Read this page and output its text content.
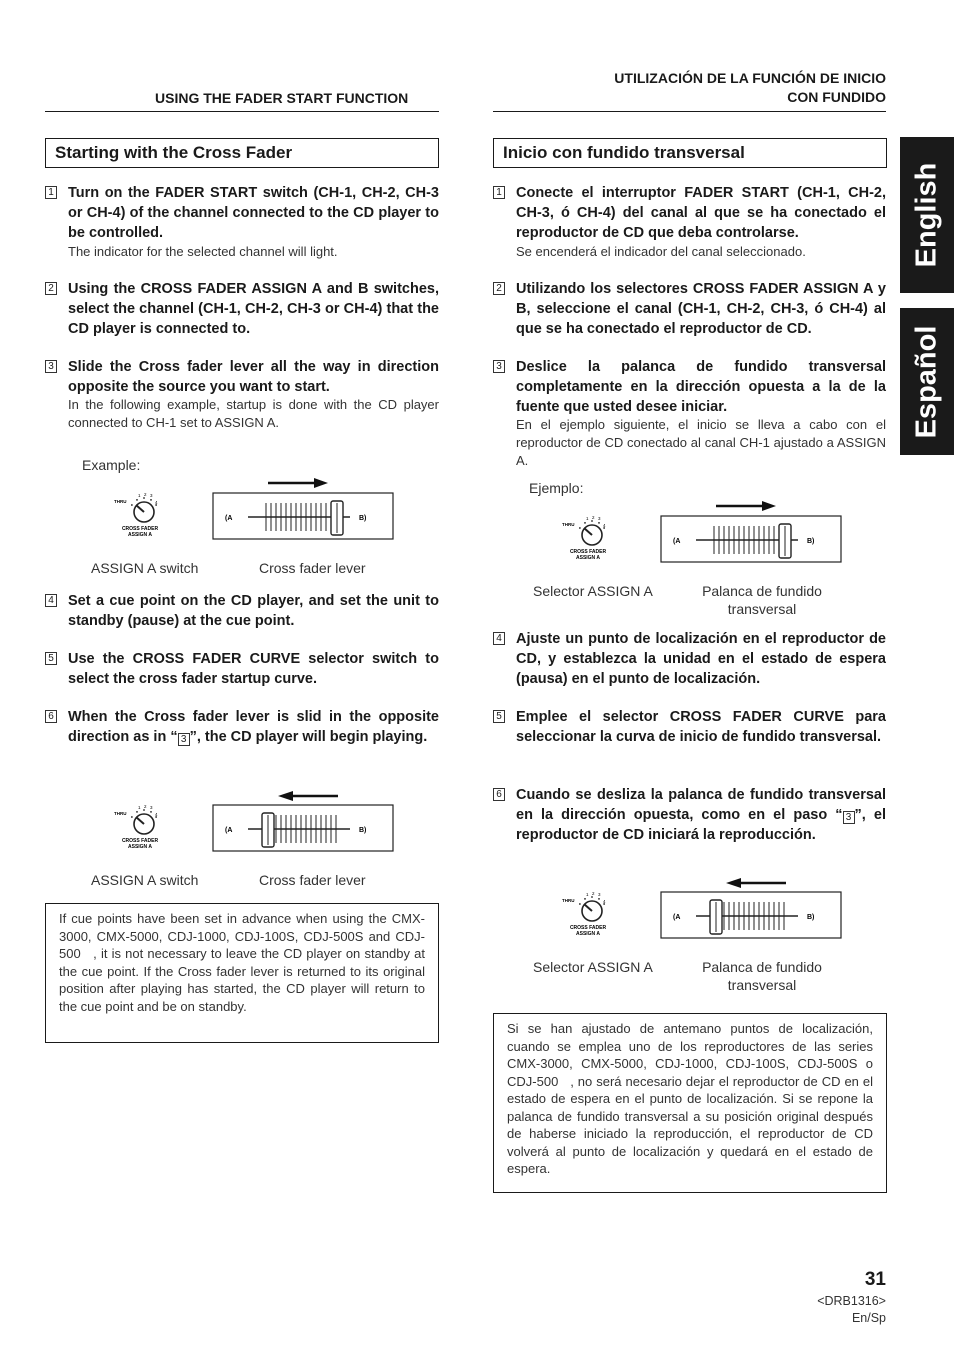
USING THE FADER START FUNCTION
UTILIZACIÓN DE LA FUNCIÓN DE INICIO
CON FUNDIDO
English
Español
Starting with the Cross Fader
1 Turn on the FADER START switch (CH-1, CH-2, CH-3 or CH-4) of the channel connected to the CD player to be controlled.
The indicator for the selected channel will light.
2 Using the CROSS FADER ASSIGN A and B switches, select the channel (CH-1, CH-2, CH-3 or CH-4) that the CD player is connected to.
3 Slide the Cross fader lever all the way in direction opposite the source you want to start.
In the following example, startup is done with the CD player connected to CH-1 set to ASSIGN A.
Example:
THRU
1 2 3
4
CROSS FADER
ASSIGN A
(A	B)
ASSIGN A switch	Cross fader lever
4 Set a cue point on the CD player, and set the unit to standby (pause) at the cue point.
5 Use the CROSS FADER CURVE selector switch to select the cross fader startup curve.
6 When the Cross fader lever is slid in the opposite direction as in “ 3 ”, the CD player will begin playing.
THRU
1 2 3
4
CROSS FADER
ASSIGN A
(A	B)
ASSIGN A switch	Cross fader lever
If cue points have been set in advance when using the CMX-3000, CMX-5000, CDJ-1000, CDJ-100S, CDJ-500S and CDJ-500   , it is not necessary to leave the CD player on standby at the cue point. If the Cross fader lever is returned to its original position after playing has started, the CD player will return to the cue point and be on standby.
Inicio con fundido transversal
1 Conecte el interruptor FADER START (CH-1, CH-2, CH-3, ó CH-4) del canal al que se ha conectado el reproductor de CD que deba controlarse.
Se encenderá el indicador del canal seleccionado.
2 Utilizando los selectores CROSS FADER ASSIGN A y B, seleccione el canal (CH-1, CH-2, CH-3, ó CH-4) al que se ha conectado el reproductor de CD.
3 Deslice la palanca de fundido transversal completamente en la dirección opuesta a la de la fuente que usted desee iniciar.
En el ejemplo siguiente, el inicio se lleva a cabo con el reproductor de CD conectado al canal CH-1 ajustado a ASSIGN A.
Ejemplo:
THRU
1 2 3
4
CROSS FADER
ASSIGN A
(A	B)
Selector ASSIGN A	Palanca de fundido transversal
4 Ajuste un punto de localización en el reproductor de CD, y establezca la unidad en el estado de espera (pausa) en el punto de localización.
5 Emplee el selector CROSS FADER CURVE para seleccionar la curva de inicio de fundido transversal.
6 Cuando se desliza la palanca de fundido transversal en la dirección opuesta, como en el paso “ 3 ”, el reproductor de CD iniciará la reproducción.
THRU
1 2 3
4
CROSS FADER
ASSIGN A
(A	B)
Selector ASSIGN A	Palanca de fundido transversal
Si se han ajustado de antemano puntos de localización, cuando se emplea uno de los reproductores de las series CMX-3000, CMX-5000, CDJ-1000, CDJ-100S, CDJ-500S o CDJ-500   , no será necesario dejar el reproductor de CD en el estado de espera en el punto de localización. Si se repone la palanca de fundido transversal a su posición original después de haberse iniciado la reproducción, el reproductor de CD volverá al punto de localización y quedará en el estado de espera.
31
<DRB1316>
En/Sp
